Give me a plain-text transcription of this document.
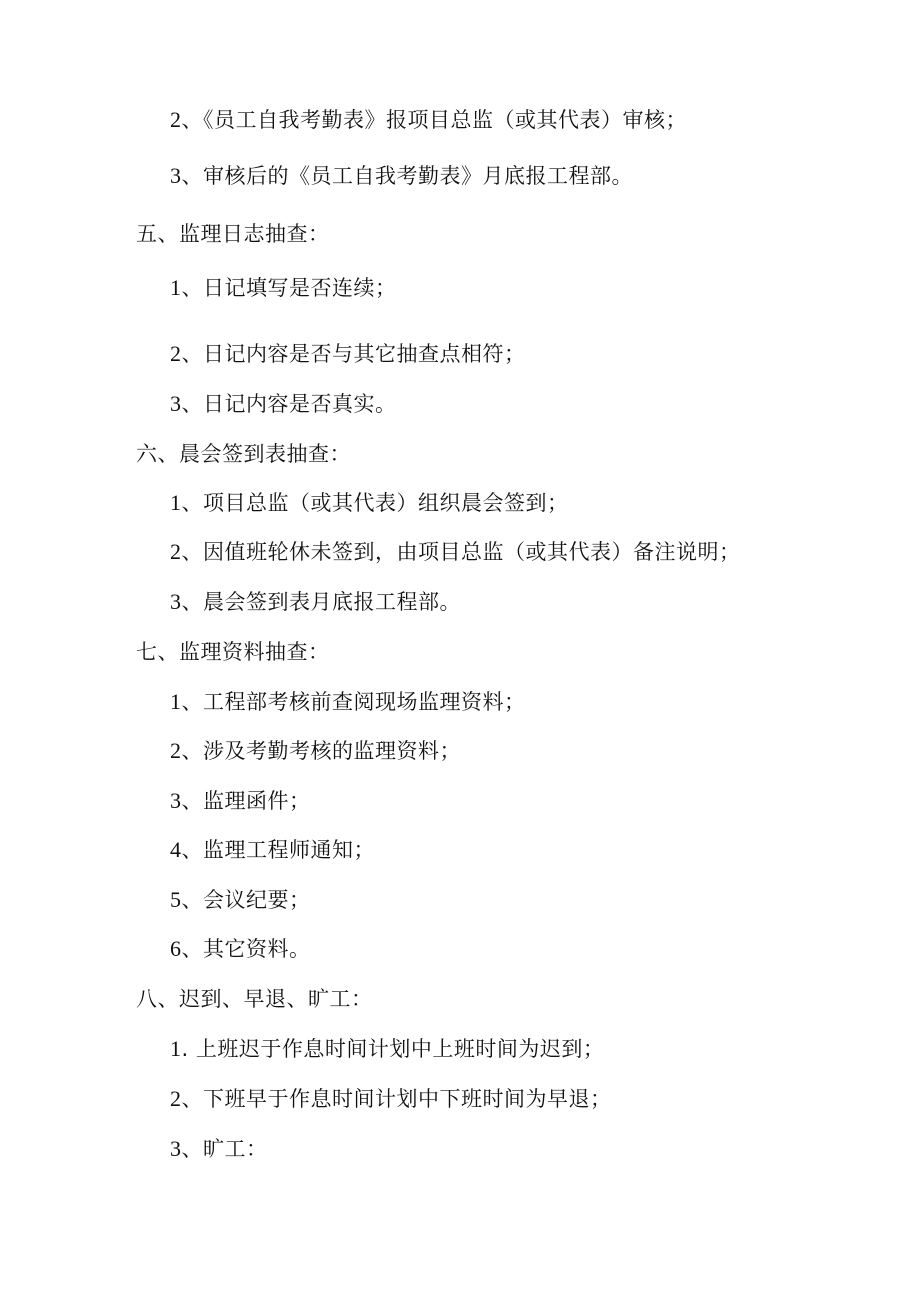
2、《员工自我考勤表》报项目总监（或其代表）审核；
3、审核后的《员工自我考勤表》月底报工程部。
五、监理日志抽查：
1、日记填写是否连续；
2、日记内容是否与其它抽查点相符；
3、日记内容是否真实。
六、晨会签到表抽查：
1、项目总监（或其代表）组织晨会签到；
2、因值班轮休未签到，由项目总监（或其代表）备注说明；
3、晨会签到表月底报工程部。
七、监理资料抽查：
1、工程部考核前查阅现场监理资料；
2、涉及考勤考核的监理资料；
3、监理函件；
4、监理工程师通知；
5、会议纪要；
6、其它资料。
八、迟到、早退、旷工：
1. 上班迟于作息时间计划中上班时间为迟到；
2、下班早于作息时间计划中下班时间为早退；
3、旷工：
